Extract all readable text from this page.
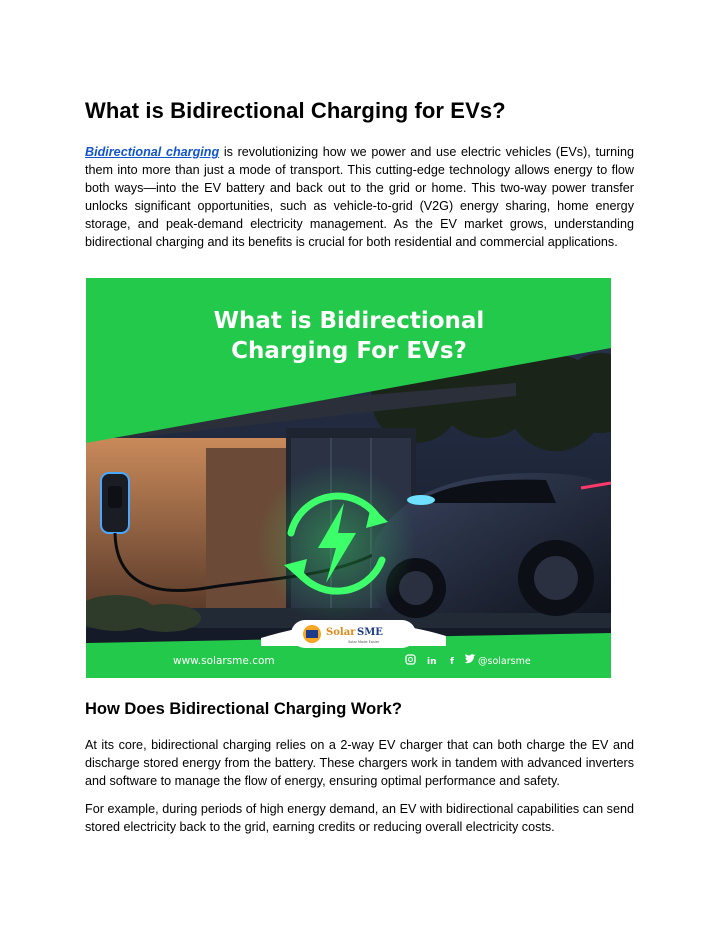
What is Bidirectional Charging for EVs?

Bidirectional charging is revolutionizing how we power and use electric vehicles (EVs), turning them into more than just a mode of transport. This cutting-edge technology allows energy to flow both ways—into the EV battery and back out to the grid or home. This two-way power transfer unlocks significant opportunities, such as vehicle-to-grid (V2G) energy sharing, home energy storage, and peak-demand electricity management. As the EV market grows, understanding bidirectional charging and its benefits is crucial for both residential and commercial applications.

What is Bidirectional
Charging For EVs?
Solar SME
Solar Made Easier
www.solarsme.com	in f	@solarsme
How Does Bidirectional Charging Work?

At its core, bidirectional charging relies on a 2-way EV charger that can both charge the EV and discharge stored energy from the battery. These chargers work in tandem with advanced inverters and software to manage the flow of energy, ensuring optimal performance and safety.

For example, during periods of high energy demand, an EV with bidirectional capabilities can send stored electricity back to the grid, earning credits or reducing overall electricity costs.
